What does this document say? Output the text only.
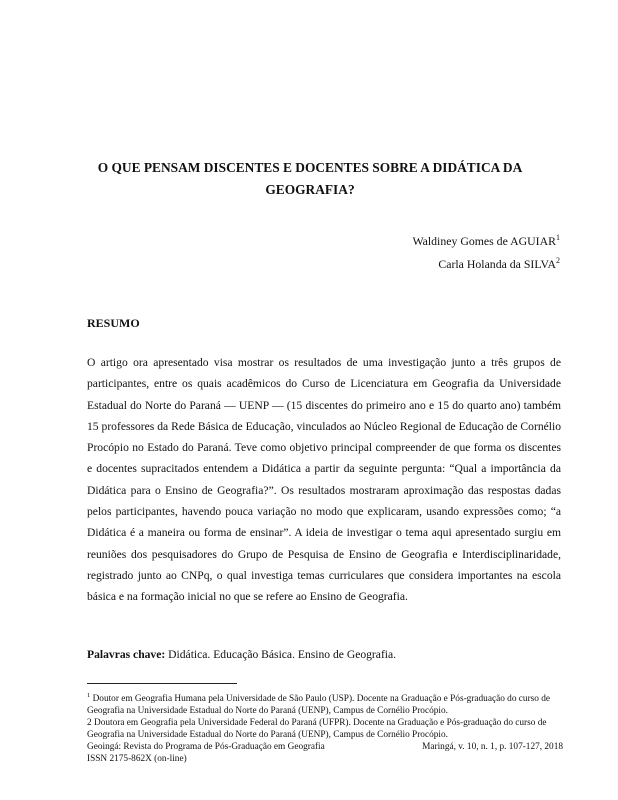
O QUE PENSAM DISCENTES E DOCENTES SOBRE A DIDÁTICA DA
GEOGRAFIA?
Waldiney Gomes de AGUIAR$^1$
Carla Holanda da SILVA$^2$
RESUMO

O artigo ora apresentado visa mostrar os resultados de uma investigação junto a três grupos de participantes, entre os quais acadêmicos do Curso de Licenciatura em Geografia da Universidade Estadual do Norte do Paraná — UENP — (15 discentes do primeiro ano e 15 do quarto ano) também 15 professores da Rede Básica de Educação, vinculados ao Núcleo Regional de Educação de Cornélio Procópio no Estado do Paraná. Teve como objetivo principal compreender de que forma os discentes e docentes supracitados entendem a Didática a partir da seguinte pergunta: “Qual a importância da Didática para o Ensino de Geografia?”. Os resultados mostraram aproximação das respostas dadas pelos participantes, havendo pouca variação no modo que explicaram, usando expressões como; “a Didática é a maneira ou forma de ensinar”. A ideia de investigar o tema aqui apresentado surgiu em reuniões dos pesquisadores do Grupo de Pesquisa de Ensino de Geografia e Interdisciplinaridade, registrado junto ao CNPq, o qual investiga temas curriculares que considera importantes na escola básica e na formação inicial no que se refere ao Ensino de Geografia.

Palavras chave: Didática. Educação Básica. Ensino de Geografia.

$^1$ Doutor em Geografia Humana pela Universidade de São Paulo (USP). Docente na Graduação e Pós-graduação do curso de Geografia na Universidade Estadual do Norte do Paraná (UENP), Campus de Cornélio Procópio.

2 Doutora em Geografia pela Universidade Federal do Paraná (UFPR). Docente na Graduação e Pós-graduação do curso de Geografia na Universidade Estadual do Norte do Paraná (UENP), Campus de Cornélio Procópio.

Geoingá: Revista do Programa de Pós-Graduação em Geografia	Maringá, v. 10, n. 1, p. 107-127, 2018
ISSN 2175-862X (on-line)
